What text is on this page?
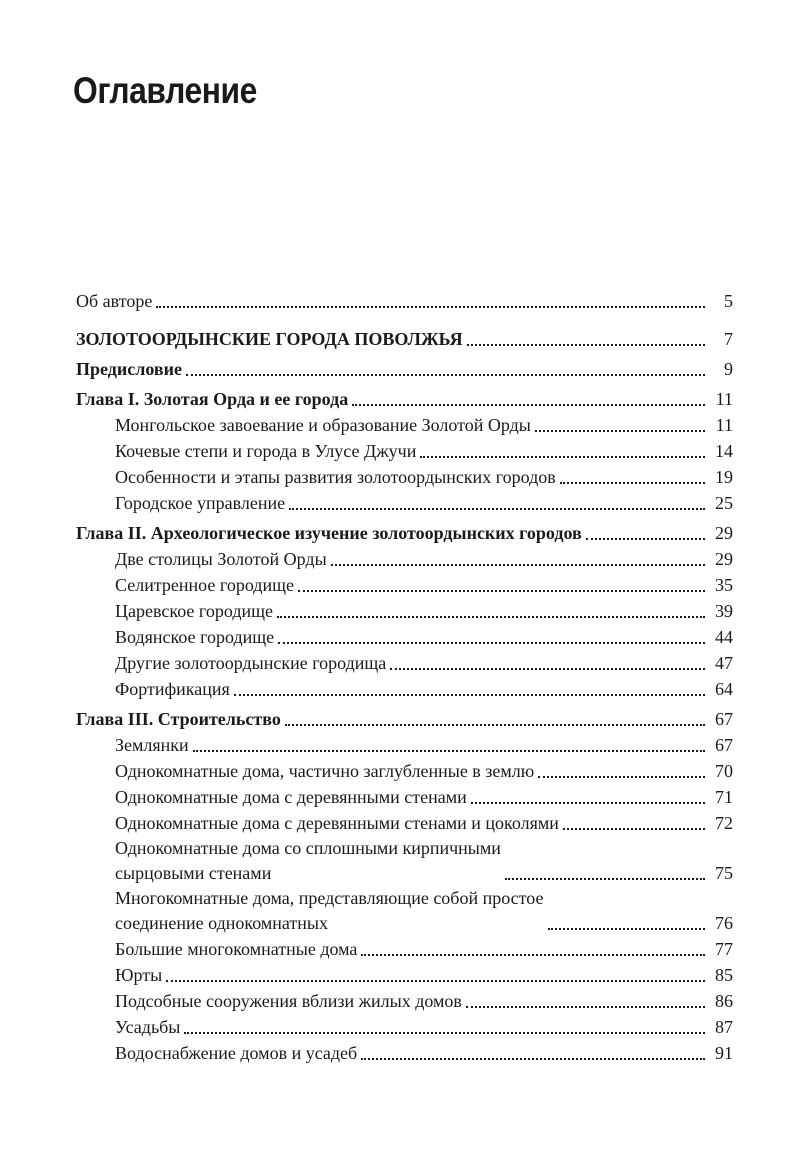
Оглавление
Об авторе	5
ЗОЛОТООРДЫНСКИЕ ГОРОДА ПОВОЛЖЬЯ	7
Предисловие	9
Глава I. Золотая Орда и ее города	11
Монгольское завоевание и образование Золотой Орды	11
Кочевые степи и города в Улусе Джучи	14
Особенности и этапы развития золотоордынских городов	19
Городское управление	25
Глава II. Археологическое изучение золотоордынских городов	29
Две столицы Золотой Орды	29
Селитренное городище	35
Царевское городище	39
Водянское городище	44
Другие золотоордынские городища	47
Фортификация	64
Глава III. Строительство	67
Землянки	67
Однокомнатные дома, частично заглубленные в землю	70
Однокомнатные дома с деревянными стенами	71
Однокомнатные дома с деревянными стенами и цоколями	72
Однокомнатные дома со сплошными кирпичными
сырцовыми стенами	75
Многокомнатные дома, представляющие собой простое
соединение однокомнатных	76
Большие многокомнатные дома	77
Юрты	85
Подсобные сооружения вблизи жилых домов	86
Усадьбы	87
Водоснабжение домов и усадеб	91
